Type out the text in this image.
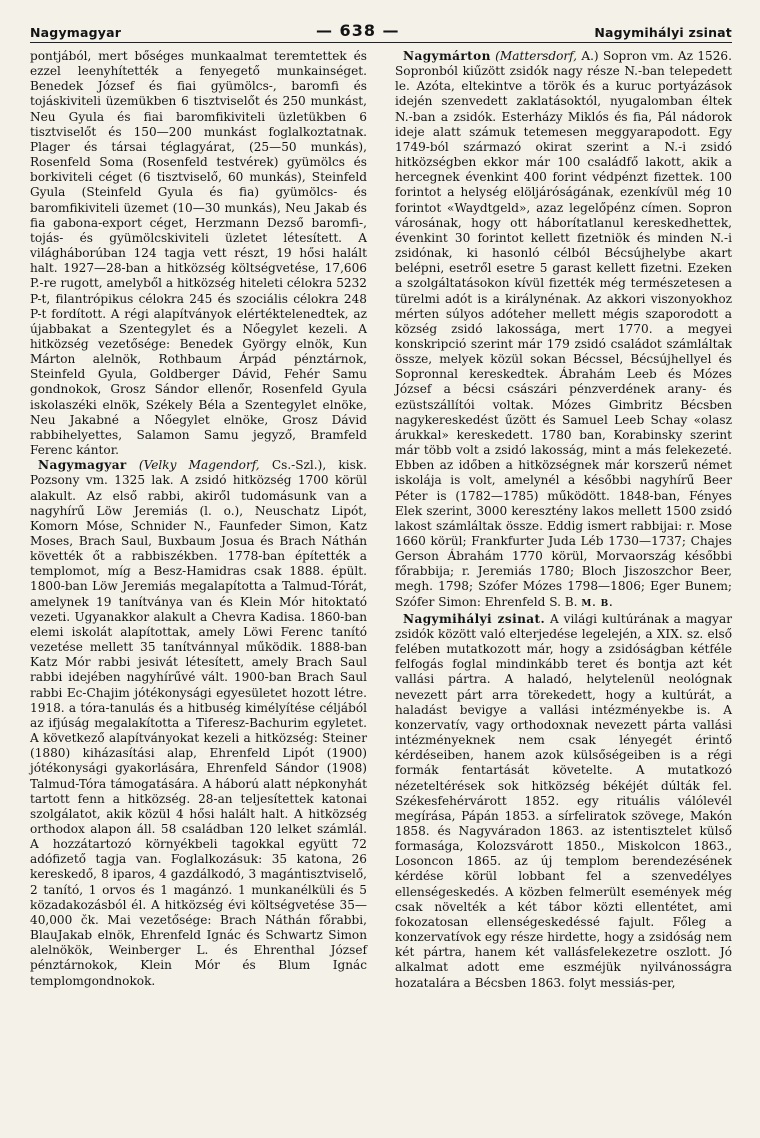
Nagymagyar	— 638 —	Nagymihályi zsinat

pontjából, mert bőséges munkaalmat teremtettek és ezzel leenyhítették a fenyegető munkainséget. Benedek József és fiai gyümölcs-, baromfi és tojáskiviteli üzemükben 6 tisztviselőt és 250 munkást, Neu Gyula és fiai baromfikiviteli üzletükben 6 tisztviselőt és 150—200 munkást foglalkoztatnak. Plager és társai téglagyárat, (25—50 munkás), Rosenfeld Soma (Rosenfeld testvérek) gyümölcs és borkiviteli céget (6 tisztviselő, 60 munkás), Steinfeld Gyula (Steinfeld Gyula és fia) gyümölcs- és baromfikiviteli üzemet (10—30 munkás), Neu Jakab és fia gabona-export céget, Herzmann Dezső baromfi-, tojás- és gyümölcskiviteli üzletet létesített. A világháborúban 124 tagja vett részt, 19 hősi halált halt. 1927—28-ban a hitközség költségvetése, 17,606 P.-re rugott, amelyből a hitközség hiteleti célokra 5232 P-t, filantrópikus célokra 245 és szociális célokra 248 P-t fordított. A régi alapítványok elértéktelenedtek, az újabbakat a Szentegylet és a Nőegylet kezeli. A hitközség vezetősége: Benedek György elnök, Kun Márton alelnök, Rothbaum Árpád pénztárnok, Steinfeld Gyula, Goldberger Dávid, Fehér Samu gondnokok, Grosz Sándor ellenőr, Rosenfeld Gyula iskolaszéki elnök, Székely Béla a Szentegylet elnöke, Neu Jakabné a Nőegylet elnöke, Grosz Dávid rabbihelyettes, Salamon Samu jegyző, Bramfeld Ferenc kántor.

Nagymagyar (Velky Magendorf, Cs.-Szl.), kisk. Pozsony vm. 1325 lak. A zsidó hitközség 1700 körül alakult. Az első rabbi, akiről tudomásunk van a nagyhírű Löw Jeremiás (l. o.), Neuschatz Lipót, Komorn Móse, Schnider N., Faunfeder Simon, Katz Moses, Brach Saul, Buxbaum Josua és Brach Náthán követték őt a rabbiszékben. 1778-ban építették a templomot, míg a Besz-Hamidras csak 1888. épült. 1800-ban Löw Jeremiás megalapította a Talmud-Tórát, amelynek 19 tanítványa van és Klein Mór hitoktató vezeti. Ugyanakkor alakult a Chevra Kadisa. 1860-ban elemi iskolát alapítottak, amely Löwi Ferenc tanító vezetése mellett 35 tanítvánnyal működik. 1888-ban Katz Mór rabbi jesivát létesített, amely Brach Saul rabbi idejében nagyhírűvé vált. 1900-ban Brach Saul rabbi Ec-Chajim jótékonysági egyesületet hozott létre. 1918. a tóra-tanulás és a hitbuség kimélyítése céljából az ifjúság megalakította a Tiferesz-Bachurim egyletet. A következő alapítványokat kezeli a hitközség: Steiner (1880) kiházasítási alap, Ehrenfeld Lipót (1900) jótékonysági gyakorlására, Ehrenfeld Sándor (1908) Talmud-Tóra támogatására. A háború alatt népkonyhát tartott fenn a hitközség. 28-an teljesítettek katonai szolgálatot, akik közül 4 hősi halált halt. A hitközség orthodox alapon áll. 58 családban 120 lelket számlál. A hozzátartozó környékbeli tagokkal együtt 72 adófizető tagja van. Foglalkozásuk: 35 katona, 26 kereskedő, 8 iparos, 4 gazdálkodó, 3 magántisztviselő, 2 tanító, 1 orvos és 1 magánzó. 1 munkanélküli és 5 közadakozásból él. A hitközség évi költségvetése 35—40,000 čk. Mai vezetősége: Brach Náthán főrabbi, BlauJakab elnök, Ehrenfeld Ignác és Schwartz Simon alelnökök, Weinberger L. és Ehrenthal József pénztárnokok, Klein Mór és Blum Ignác templomgondnokok.

Nagymárton (Mattersdorf, A.) Sopron vm. Az 1526. Sopronból kiűzött zsidók nagy része N.-ban telepedett le. Azóta, eltekintve a török és a kuruc portyázások idején szenvedett zaklatásoktól, nyugalomban éltek N.-ban a zsidók. Esterházy Miklós és fia, Pál nádorok ideje alatt számuk tetemesen meggyarapodott. Egy 1749-ból származó okirat szerint a N.-i zsidó hitközségben ekkor már 100 családfő lakott, akik a hercegnek évenkint 400 forint védpénzt fizettek. 100 forintot a helység elöljáróságának, ezenkívül még 10 forintot «Waydtgeld», azaz legelőpénz címen. Sopron városának, hogy ott háborítatlanul kereskedhettek, évenkint 30 forintot kellett fizetniök és minden N.-i zsidónak, ki hasonló célból Bécsújhelybe akart belépni, esetről esetre 5 garast kellett fizetni. Ezeken a szolgáltatásokon kívül fizették még természetesen a türelmi adót is a királynénak. Az akkori viszonyokhoz mérten súlyos adóteher mellett mégis szaporodott a község zsidó lakossága, mert 1770. a megyei konskripció szerint már 179 zsidó családot számláltak össze, melyek közül sokan Bécssel, Bécsújhellyel és Sopronnal kereskedtek. Ábrahám Leeb és Mózes József a bécsi császári pénzverdének arany- és ezüstszállítói voltak. Mózes Gimbritz Bécsben nagykereskedést űzött és Samuel Leeb Schay «olasz árukkal» kereskedett. 1780 ban, Korabinsky szerint már több volt a zsidó lakosság, mint a más felekezeté. Ebben az időben a hitközségnek már korszerű német iskolája is volt, amelynél a későbbi nagyhírű Beer Péter is (1782—1785) működött. 1848-ban, Fényes Elek szerint, 3000 keresztény lakos mellett 1500 zsidó lakost számláltak össze. Eddig ismert rabbijai: r. Mose 1660 körül; Frankfurter Juda Léb 1730—1737; Chajes Gerson Ábrahám 1770 körül, Morvaország későbbi főrabbija; r. Jeremiás 1780; Bloch Jiszoszchor Beer, megh. 1798; Szófer Mózes 1798—1806; Eger Bunem; Szófer Simon: Ehrenfeld S. B. M. B.

Nagymihályi zsinat. A világi kultúrának a magyar zsidók között való elterjedése legelején, a XIX. sz. első felében mutatkozott már, hogy a zsidóságban kétféle felfogás foglal mindinkább teret és bontja azt két vallási pártra. A haladó, helytelenül neológnak nevezett párt arra törekedett, hogy a kultúrát, a haladást bevigye a vallási intézményekbe is. A konzervatív, vagy orthodoxnak nevezett párta vallási intézményeknek nem csak lényegét érintő kérdéseiben, hanem azok külsőségeiben is a régi formák fentartását követelte. A mutatkozó nézeteltérések sok hitközség békéjét dúlták fel. Székesfehérvárott 1852. egy rituális válólevél megírása, Pápán 1853. a sírfeliratok szövege, Makón 1858. és Nagyváradon 1863. az istentisztelet külső formasága, Kolozsvárott 1850., Miskolcon 1863., Losoncon 1865. az új templom berendezésének kérdése körül lobbant fel a szenvedélyes ellenségeskedés. A közben felmerült események még csak növelték a két tábor közti ellentétet, ami fokozatosan ellenségeskedéssé fajult. Főleg a konzervatívok egy része hirdette, hogy a zsidóság nem két pártra, hanem két vallásfelekezetre oszlott. Jó alkalmat adott eme eszméjük nyilvánosságra hozatalára a Bécsben 1863. folyt messiás-per,
